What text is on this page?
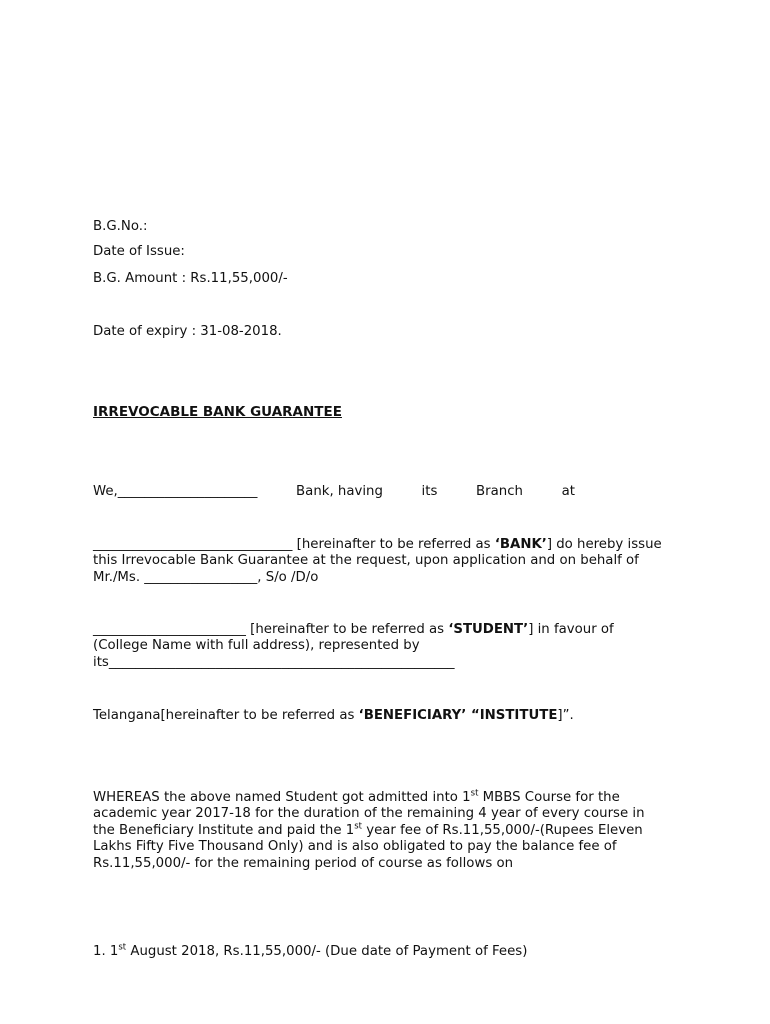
B.G.No.:
Date of Issue:
B.G. Amount : Rs.11,55,000/-
Date of expiry : 31-08-2018.
IRREVOCABLE BANK GUARANTEE
We,_____________________	Bank, having	its	Branch	at
______________________________ [hereinafter to be referred as ‘BANK’] do hereby issue this Irrevocable Bank Guarantee at the request, upon application and on behalf of Mr./Ms. _________________, S/o /D/o
_______________________ [hereinafter to be referred as ‘STUDENT’] in favour of (College Name with full address), represented by its____________________________________________________
Telangana[hereinafter to be referred as ‘BENEFICIARY’ “INSTITUTE]”.
WHEREAS the above named Student got admitted into 1st MBBS Course for the academic year 2017-18 for the duration of the remaining 4 year of every course in the Beneficiary Institute and paid the 1st year fee of Rs.11,55,000/-(Rupees Eleven Lakhs Fifty Five Thousand Only) and is also obligated to pay the balance fee of Rs.11,55,000/- for the remaining period of course as follows on
1. 1st August 2018, Rs.11,55,000/- (Due date of Payment of Fees)
